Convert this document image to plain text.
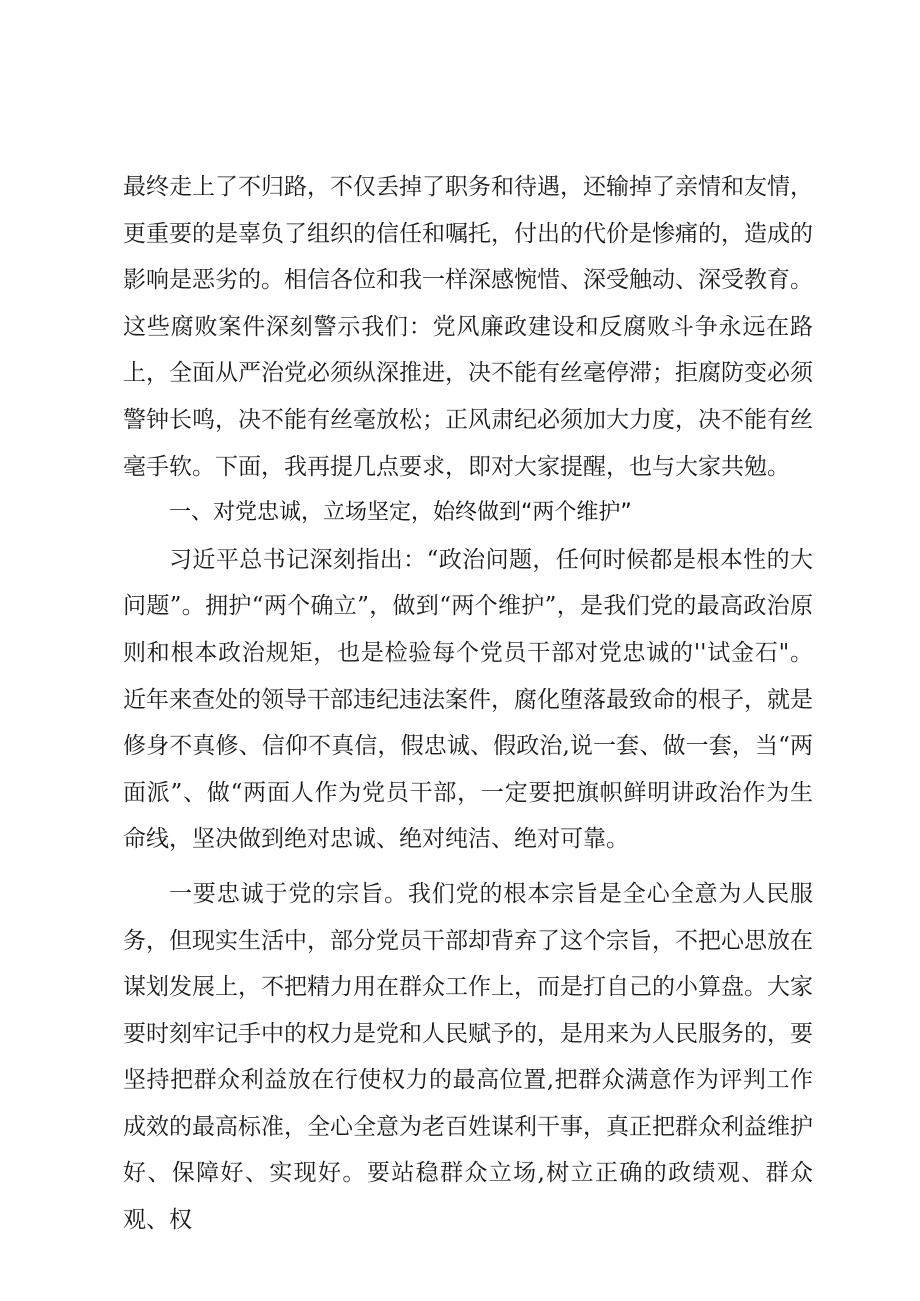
最终走上了不归路，不仅丢掉了职务和待遇，还输掉了亲情和友情，更重要的是辜负了组织的信任和嘱托，付出的代价是惨痛的，造成的影响是恶劣的。相信各位和我一样深感惋惜、深受触动、深受教育。这些腐败案件深刻警示我们：党风廉政建设和反腐败斗争永远在路上，全面从严治党必须纵深推进，决不能有丝毫停滞；拒腐防变必须警钟长鸣，决不能有丝毫放松；正风肃纪必须加大力度，决不能有丝毫手软。下面，我再提几点要求，即对大家提醒，也与大家共勉。

一、对党忠诚，立场坚定，始终做到“两个维护”

习近平总书记深刻指出：“政治问题，任何时候都是根本性的大问题”。拥护“两个确立”，做到“两个维护”，是我们党的最高政治原则和根本政治规矩，也是检验每个党员干部对党忠诚的''试金石"。近年来查处的领导干部违纪违法案件，腐化堕落最致命的根子，就是修身不真修、信仰不真信，假忠诚、假政治,说一套、做一套，当“两面派”、做“两面人作为党员干部，一定要把旗帜鲜明讲政治作为生命线，坚决做到绝对忠诚、绝对纯洁、绝对可靠。

一要忠诚于党的宗旨。我们党的根本宗旨是全心全意为人民服务，但现实生活中，部分党员干部却背弃了这个宗旨，不把心思放在谋划发展上，不把精力用在群众工作上，而是打自己的小算盘。大家要时刻牢记手中的权力是党和人民赋予的，是用来为人民服务的，要坚持把群众利益放在行使权力的最高位置,把群众满意作为评判工作成效的最高标准，全心全意为老百姓谋利干事，真正把群众利益维护好、保障好、实现好。要站稳群众立场,树立正确的政绩观、群众观、权
